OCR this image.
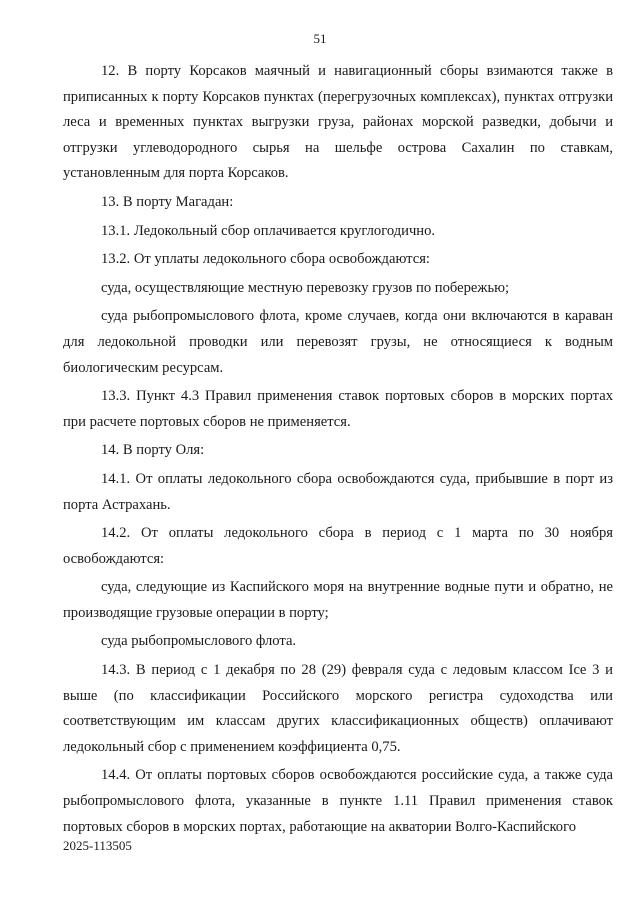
51

12. В порту Корсаков маячный и навигационный сборы взимаются также в приписанных к порту Корсаков пунктах (перегрузочных комплексах), пунктах отгрузки леса и временных пунктах выгрузки груза, районах морской разведки, добычи и отгрузки углеводородного сырья на шельфе острова Сахалин по ставкам, установленным для порта Корсаков.

13. В порту Магадан:

13.1. Ледокольный сбор оплачивается круглогодично.

13.2. От уплаты ледокольного сбора освобождаются:

суда, осуществляющие местную перевозку грузов по побережью;

суда рыбопромыслового флота, кроме случаев, когда они включаются в караван для ледокольной проводки или перевозят грузы, не относящиеся к водным биологическим ресурсам.

13.3. Пункт 4.3 Правил применения ставок портовых сборов в морских портах при расчете портовых сборов не применяется.

14. В порту Оля:

14.1. От оплаты ледокольного сбора освобождаются суда, прибывшие в порт из порта Астрахань.

14.2. От оплаты ледокольного сбора в период с 1 марта по 30 ноября освобождаются:

суда, следующие из Каспийского моря на внутренние водные пути и обратно, не производящие грузовые операции в порту;

суда рыбопромыслового флота.

14.3. В период с 1 декабря по 28 (29) февраля суда с ледовым классом Ice 3 и выше (по классификации Российского морского регистра судоходства или соответствующим им классам других классификационных обществ) оплачивают ледокольный сбор с применением коэффициента 0,75.

14.4. От оплаты портовых сборов освобождаются российские суда, а также суда рыбопромыслового флота, указанные в пункте 1.11 Правил применения ставок портовых сборов в морских портах, работающие на акватории Волго-Каспийского

2025-113505
